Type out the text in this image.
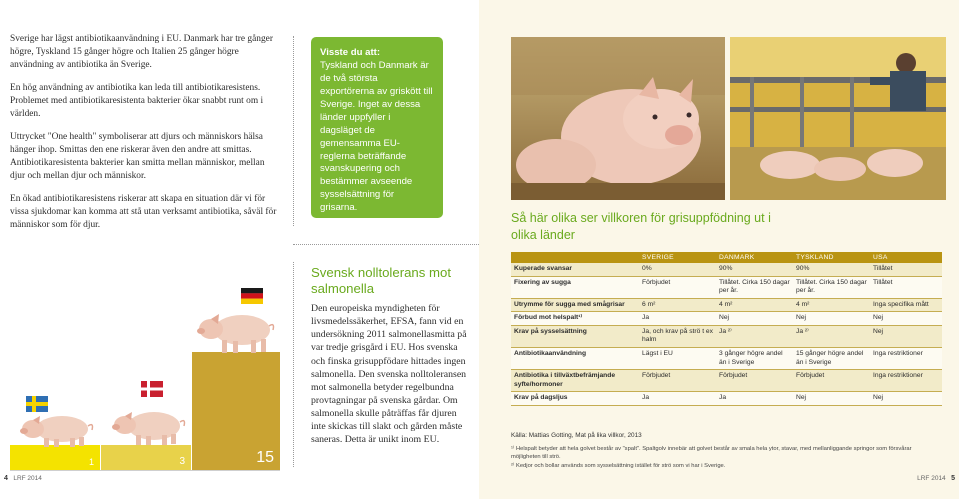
Sverige har lägst antibiotikaanvändning i EU. Danmark har tre gånger högre, Tyskland 15 gånger högre och Italien 25 gånger högre användning av antibiotika än Sverige.

En hög användning av antibiotika kan leda till antibiotikaresistens. Problemet med antibiotikaresistenta bakterier ökar snabbt runt om i världen.

Uttrycket "One health" symboliserar att djurs och människors hälsa hänger ihop. Smittas den ene riskerar även den andre att smittas. Antibiotikaresistenta bakterier kan smitta mellan människor, mellan djur och mellan djur och människor.

En ökad antibiotikaresistens riskerar att skapa en situation där vi för vissa sjukdomar kan komma att stå utan verksamt antibiotika, såväl för människor som för djur.

Visste du att:
Tyskland och Danmark är de två största exportörerna av griskött till Sverige. Inget av dessa länder uppfyller i dagsläget de gemensamma EU-reglerna beträffande svanskupering och bestämmer avseende sysselsättning för grisarna.
Svensk nolltolerans mot salmonella
Den europeiska myndigheten för livsmedelssäkerhet, EFSA, fann vid en undersökning 2011 salmonellasmitta på var tredje grisgård i EU. Hos svenska och finska grisuppfödare hittades ingen salmonella. Den svenska nolltoleransen mot salmonella betyder regelbundna provtagningar på svenska gårdar. Om salmonella skulle påträffas får djuren inte skickas till slakt och gården måste saneras. Detta är unikt inom EU.
1	3	15
Så här olika ser villkoren för grisuppfödning ut i olika länder
	SVERIGE	DANMARK	TYSKLAND	USA
Kuperade svansar	0%	90%	90%	Tillåtet
Fixering av sugga	Förbjudet	Tillåtet. Cirka 150 dagar per år.	Tillåtet. Cirka 150 dagar per år.	Tillåtet
Utrymme för sugga med smågrisar	6 m²	4 m²	4 m²	Inga specifika mått
Förbud mot helspalt¹⁾	Ja	Nej	Nej	Nej
Krav på sysselsättning	Ja, och krav på strö t ex halm	Ja ²⁾	Ja ²⁾	Nej
Antibiotikaanvändning	Lägst i EU	3 gånger högre andel än i Sverige	15 gånger högre andel än i Sverige	Inga restriktioner
Antibiotika i tillväxtbefrämjande syfte/hormoner	Förbjudet	Förbjudet	Förbjudet	Inga restriktioner
Krav på dagsljus	Ja	Ja	Nej	Nej
Källa: Mattias Gotting, Mat på lika villkor, 2013

¹⁾ Helspalt betyder att hela golvet består av "spalt". Spaltgolv innebär att golvet består av smala hela ytor, stavar, med mellanliggande springor som försvårar möjligheten till strö.

²⁾ Kedjor och bollar används som sysselsättning istället för strö som vi har i Sverige.

4 LRF 2014	LRF 2014 5
